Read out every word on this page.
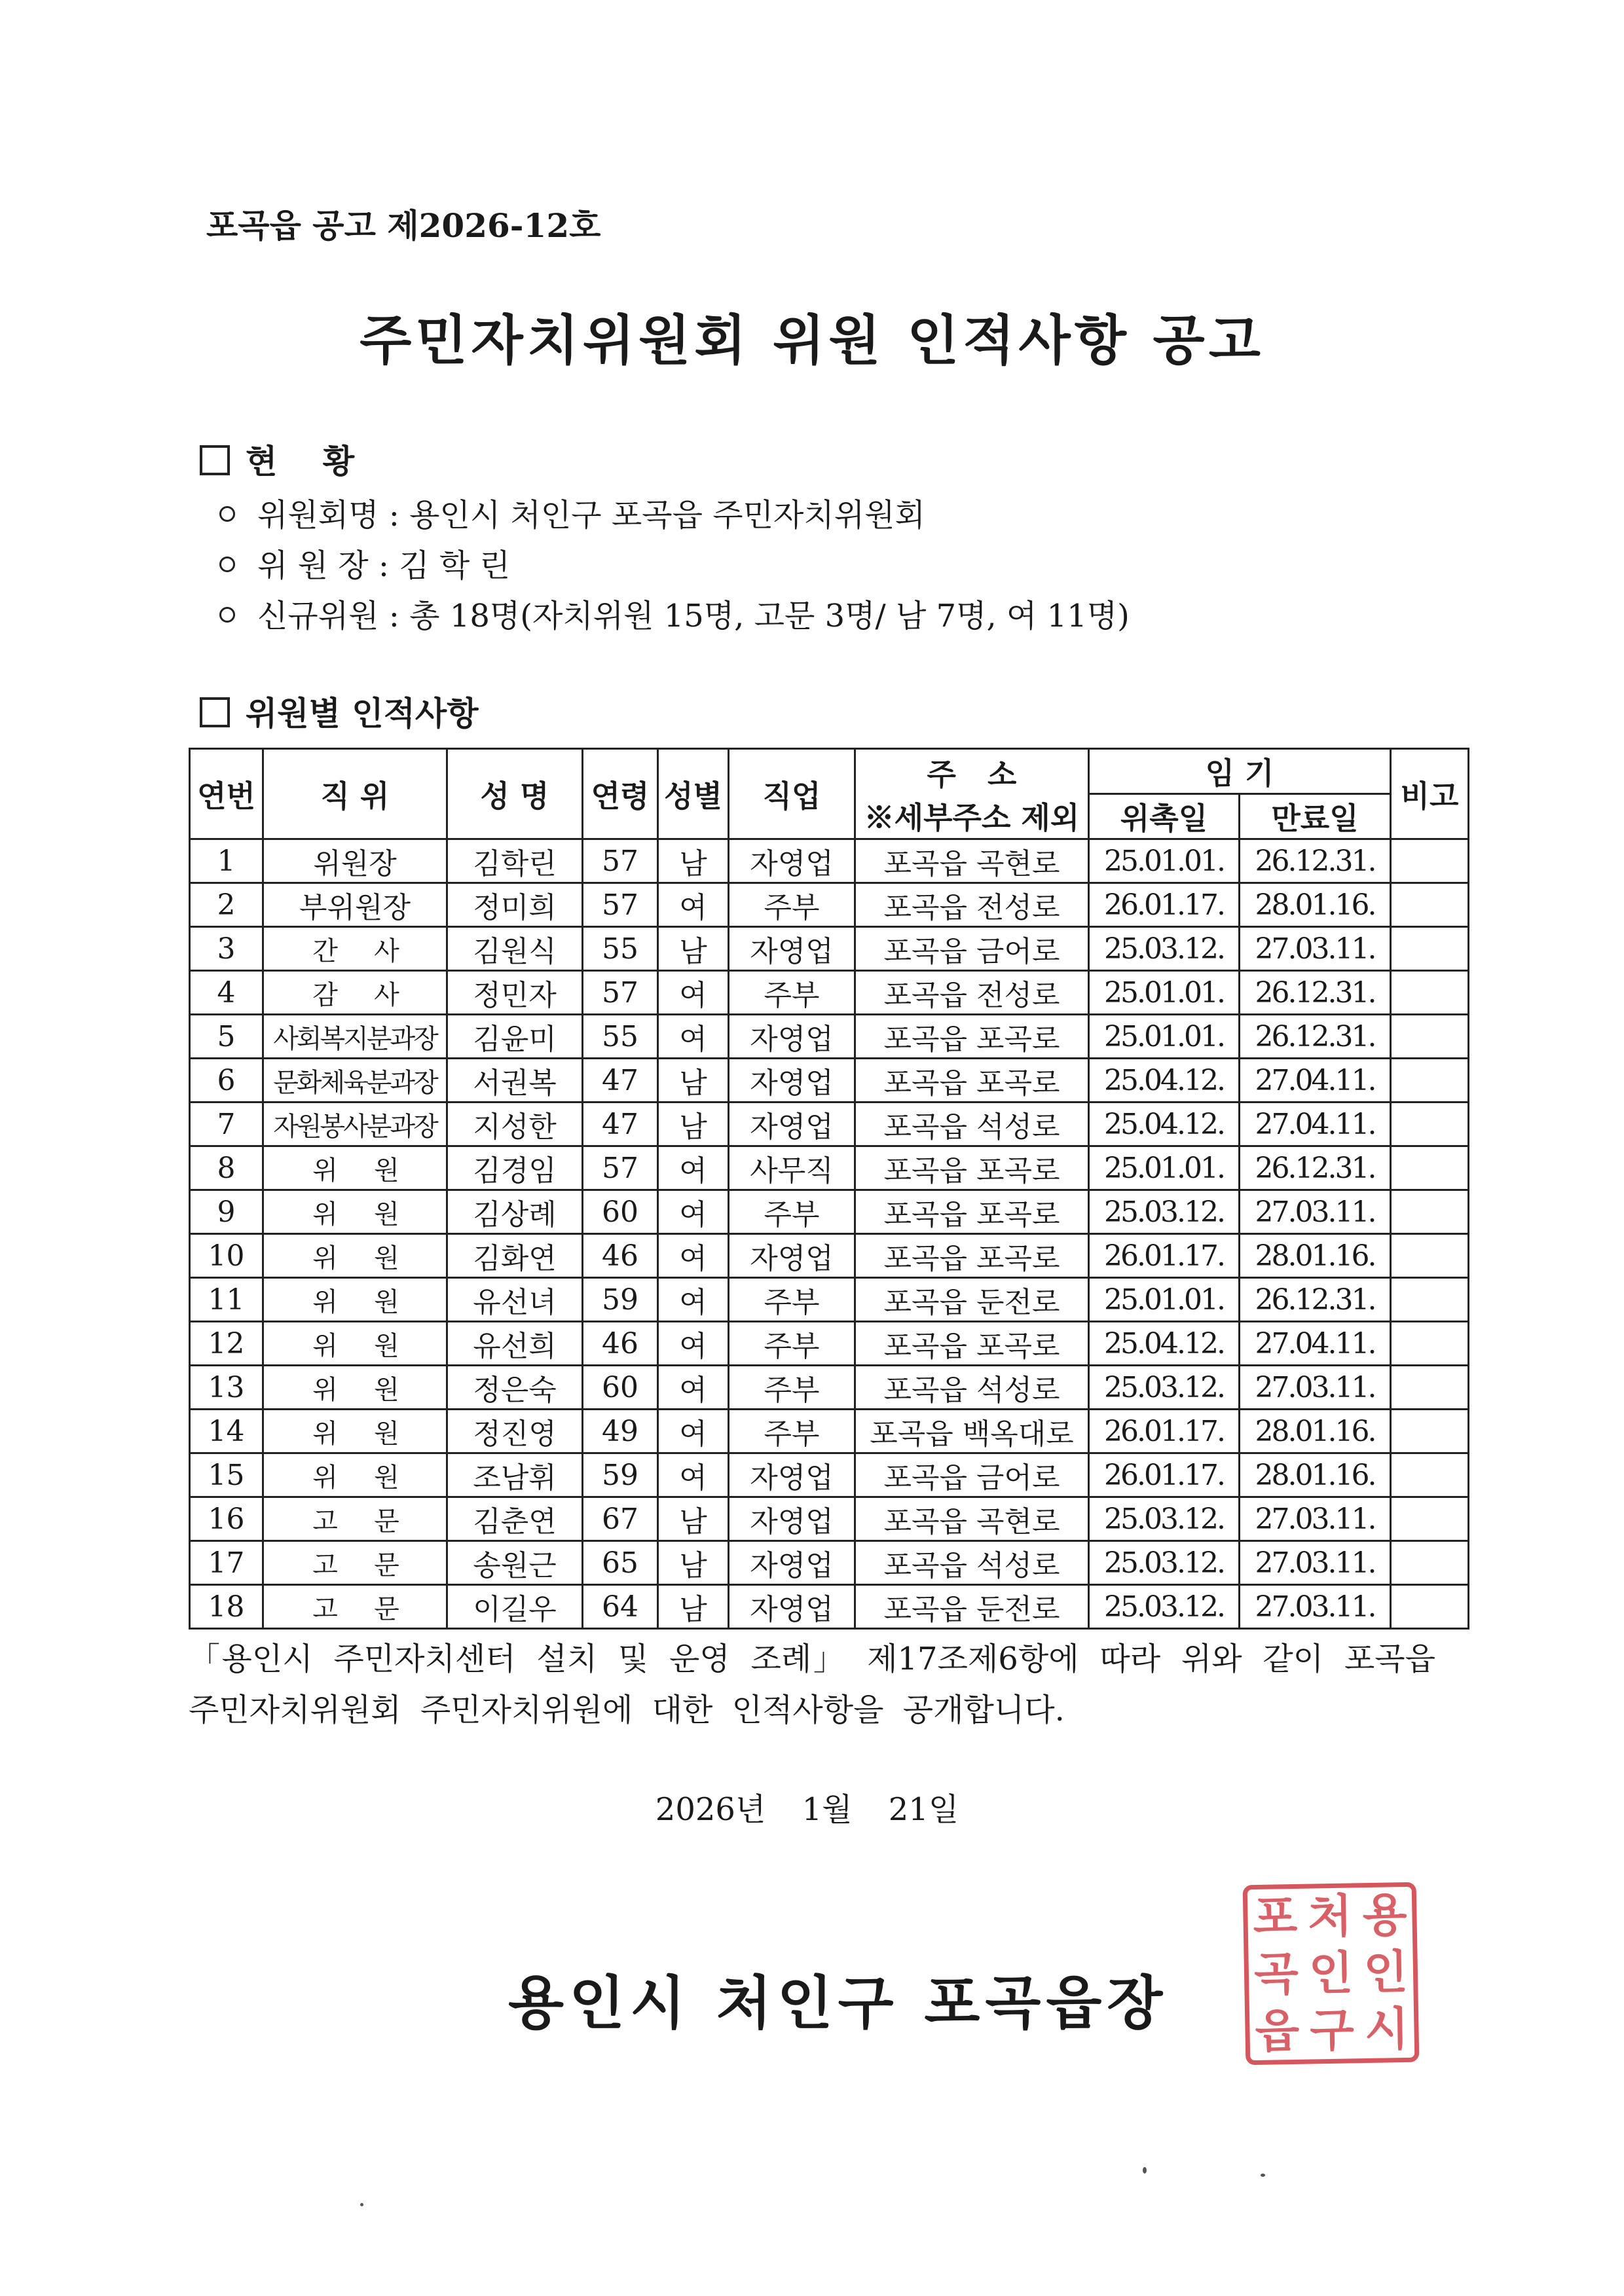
포곡읍 공고 제2026-12호
주민자치위원회 위원 인적사항 공고
현    황
위원회명 : 용인시 처인구 포곡읍 주민자치위원회
위 원 장 : 김 학 린
신규위원 : 총 18명(자치위원 15명, 고문 3명/ 남 7명, 여 11명)
위원별 인적사항
연번	직 위	성 명	연령	성별	직업	주   소
※세부주소 제외	임 기		비고
							위촉일	만료일	
1	위원장	김학린	57	남	자영업	포곡읍 곡현로	25.01.01.	26.12.31.	
2	부위원장	정미희	57	여	주부	포곡읍 전성로	26.01.17.	28.01.16.	
3	간      사	김원식	55	남	자영업	포곡읍 금어로	25.03.12.	27.03.11.	
4	감      사	정민자	57	여	주부	포곡읍 전성로	25.01.01.	26.12.31.	
5	사회복지분과장	김윤미	55	여	자영업	포곡읍 포곡로	25.01.01.	26.12.31.	
6	문화체육분과장	서권복	47	남	자영업	포곡읍 포곡로	25.04.12.	27.04.11.	
7	자원봉사분과장	지성한	47	남	자영업	포곡읍 석성로	25.04.12.	27.04.11.	
8	위      원	김경임	57	여	사무직	포곡읍 포곡로	25.01.01.	26.12.31.	
9	위      원	김상례	60	여	주부	포곡읍 포곡로	25.03.12.	27.03.11.	
10	위      원	김화연	46	여	자영업	포곡읍 포곡로	26.01.17.	28.01.16.	
11	위      원	유선녀	59	여	주부	포곡읍 둔전로	25.01.01.	26.12.31.	
12	위      원	유선희	46	여	주부	포곡읍 포곡로	25.04.12.	27.04.11.	
13	위      원	정은숙	60	여	주부	포곡읍 석성로	25.03.12.	27.03.11.	
14	위      원	정진영	49	여	주부	포곡읍 백옥대로	26.01.17.	28.01.16.	
15	위      원	조남휘	59	여	자영업	포곡읍 금어로	26.01.17.	28.01.16.	
16	고      문	김춘연	67	남	자영업	포곡읍 곡현로	25.03.12.	27.03.11.	
17	고      문	송원근	65	남	자영업	포곡읍 석성로	25.03.12.	27.03.11.	
18	고      문	이길우	64	남	자영업	포곡읍 둔전로	25.03.12.	27.03.11.	
「용인시 주민자치센터 설치 및 운영 조례」 제17조제6항에 따라 위와 같이 포곡읍 주민자치위원회 주민자치위원에 대한 인적사항을 공개합니다.
2026년 1월 21일
용인시 처인구 포곡읍장
포 처 용
곡 인 인
읍 구 시
